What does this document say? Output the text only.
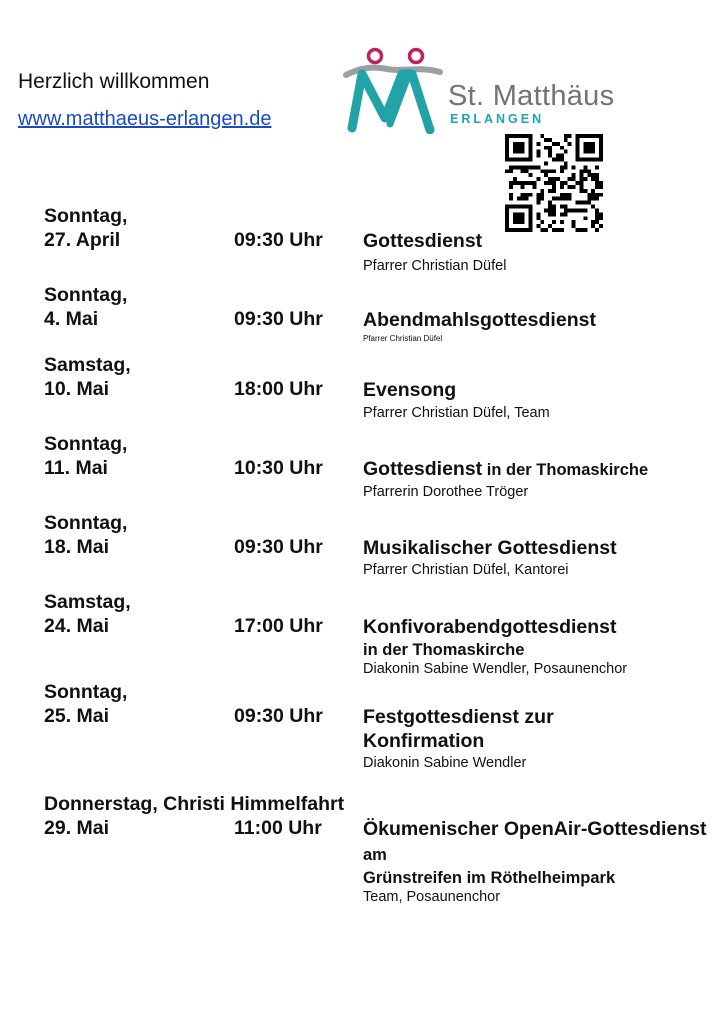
Herzlich willkommen
www.matthaeus-erlangen.de
St. Matthäus
ERLANGEN
Sonntag,
27. April	09:30 Uhr Gottesdienst
Pfarrer Christian Düfel
Sonntag,
4. Mai	09:30 Uhr Abendmahlsgottesdienst
Pfarrer Christian Düfel
Samstag,
10. Mai	18:00 Uhr Evensong
Pfarrer Christian Düfel, Team
Sonntag,
11. Mai	10:30 Uhr Gottesdienst in der Thomaskirche
Pfarrerin Dorothee Tröger
Sonntag,
18. Mai	09:30 Uhr Musikalischer Gottesdienst
Pfarrer Christian Düfel, Kantorei
Samstag,
24. Mai	17:00 Uhr Konfivorabendgottesdienst
in der Thomaskirche
Diakonin Sabine Wendler, Posaunenchor
Sonntag,
25. Mai	09:30 Uhr Festgottesdienst zur Konfirmation
Diakonin Sabine Wendler
Donnerstag, Christi Himmelfahrt
29. Mai	11:00 Uhr Ökumenischer OpenAir-Gottesdienst am
Grünstreifen im Röthelheimpark
Team, Posaunenchor
